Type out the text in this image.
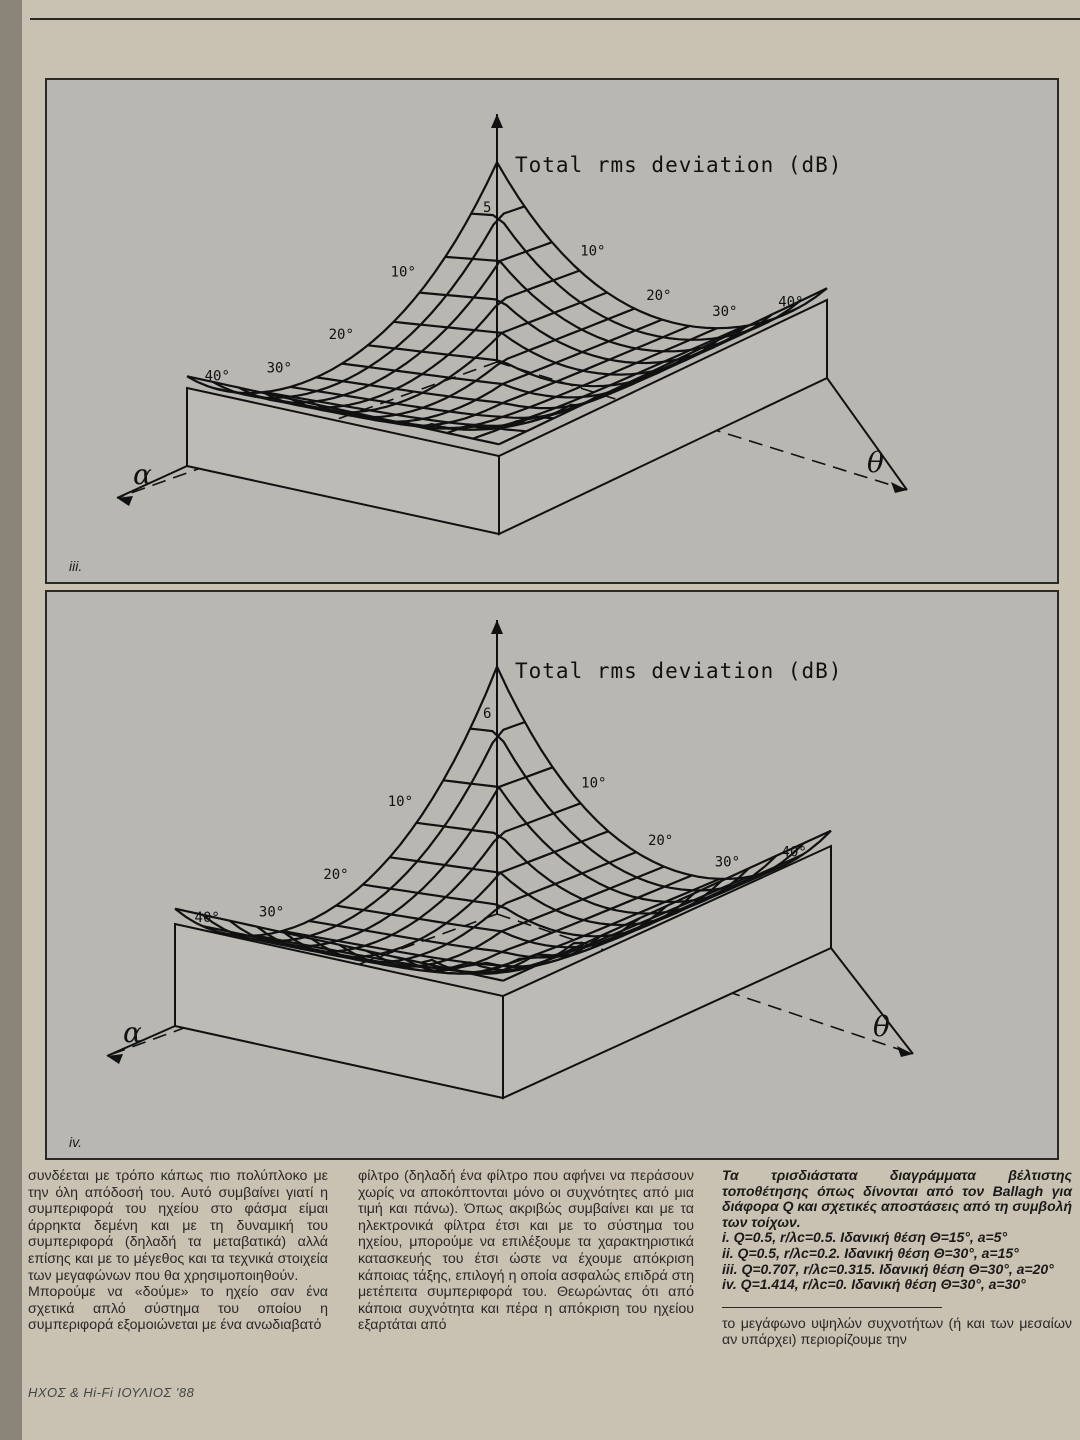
Total rms deviation (dB)
5
α	θ
10°
20°
30°
40°
10°
20°
30°
40°
iii.
Total rms deviation (dB)
6
α	θ
10°
20°
30°
40°
10°
20°
30°
40°
iv.

συνδέεται με τρόπο κάπως πιο πολύπλοκο με την όλη απόδοσή του. Αυτό συμβαίνει γιατί η συμπεριφορά του ηχείου στο φάσμα είμαι άρρηκτα δεμένη και με τη δυναμική του συμπεριφορά (δηλαδή τα μεταβατικά) αλλά επίσης και με το μέγεθος και τα τεχνικά στοιχεία των μεγαφώνων που θα χρησιμοποιηθούν.

Μπορούμε να «δούμε» το ηχείο σαν ένα σχετικά απλό σύστημα του οποίου η συμπεριφορά εξομοιώνεται με ένα ανωδιαβατό

φίλτρο (δηλαδή ένα φίλτρο που αφήνει να περάσουν χωρίς να αποκόπτονται μόνο οι συχνότητες από μια τιμή και πάνω). Όπως ακριβώς συμβαίνει και με τα ηλεκτρονικά φίλτρα έτσι και με το σύστημα του ηχείου, μπορούμε να επιλέξουμε τα χαρακτηριστικά κατασκευής του έτσι ώστε να έχουμε απόκριση κάποιας τάξης, επιλογή η οποία ασφαλώς επιδρά στη μετέπειτα συμπεριφορά του. Θεωρώντας ότι από κάποια συχνότητα και πέρα η απόκριση του ηχείου εξαρτάται από

Τα τρισδιάστατα διαγράμματα βέλτιστης τοποθέτησης όπως δίνονται από τον Ballagh για διάφορα Q και σχετικές αποστάσεις από τη συμβολή των τοίχων.
i. Q=0.5, r/λc=0.5. Ιδανική θέση Θ=15°, a=5°
ii. Q=0.5, r/λc=0.2. Ιδανική θέση Θ=30°, a=15°
iii. Q=0.707, r/λc=0.315. Ιδανική θέση Θ=30°, a=20°
iv. Q=1.414, r/λc=0. Ιδανική θέση Θ=30°, a=30°

το μεγάφωνο υψηλών συχνοτήτων (ή και των μεσαίων αν υπάρχει) περιορίζουμε την

ΗΧΟΣ & Hi-Fi ΙΟΥΛΙΟΣ '88
